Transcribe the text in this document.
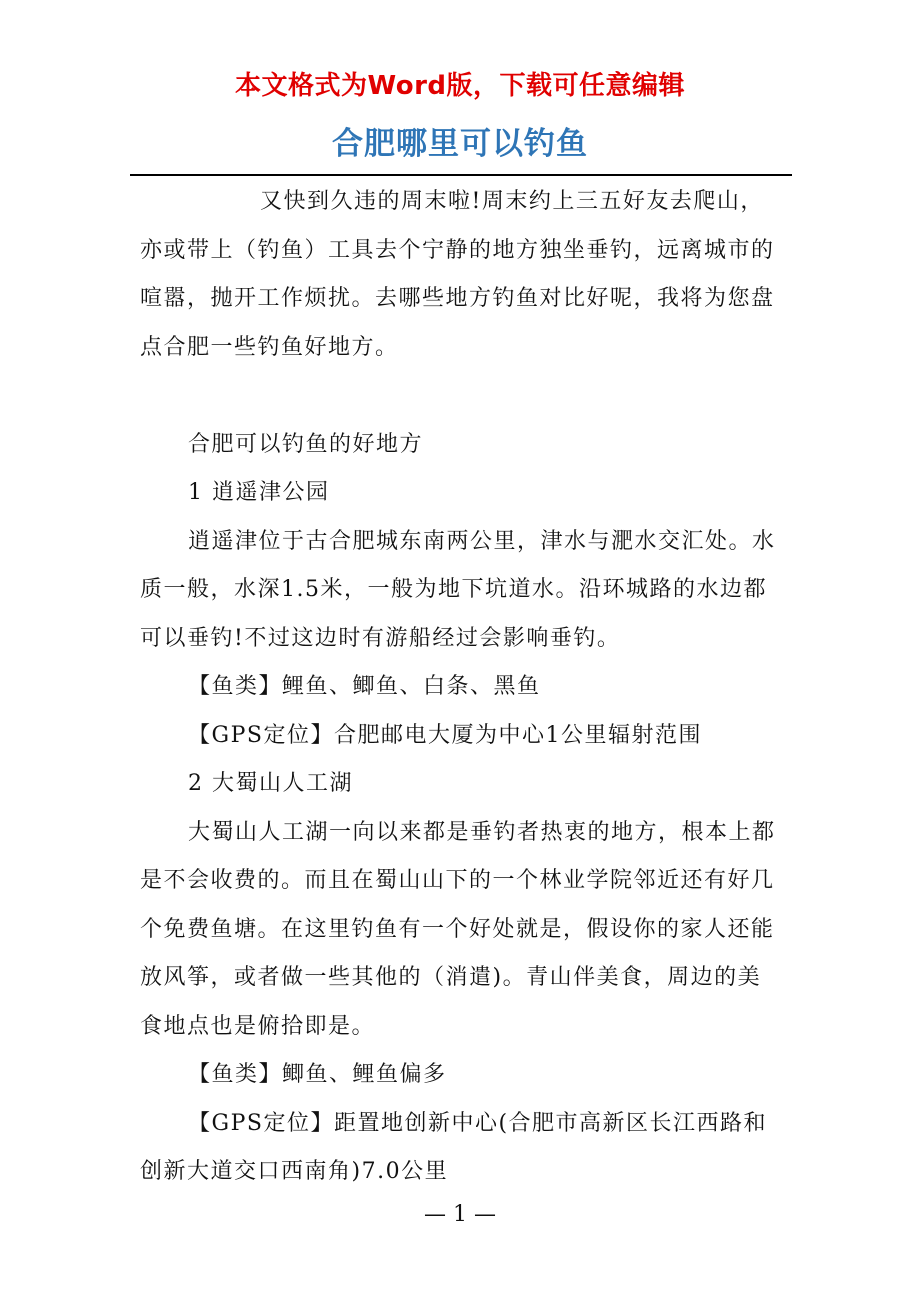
本文格式为Word版，下载可任意编辑
合肥哪里可以钓鱼

又快到久违的周末啦!周末约上三五好友去爬山，亦或带上（钓鱼）工具去个宁静的地方独坐垂钓，远离城市的喧嚣，抛开工作烦扰。去哪些地方钓鱼对比好呢，我将为您盘点合肥一些钓鱼好地方。

合肥可以钓鱼的好地方

1 逍遥津公园

逍遥津位于古合肥城东南两公里，津水与淝水交汇处。水质一般，水深1.5米，一般为地下坑道水。沿环城路的水边都可以垂钓!不过这边时有游船经过会影响垂钓。

【鱼类】鲤鱼、鲫鱼、白条、黑鱼

【GPS定位】合肥邮电大厦为中心1公里辐射范围

2 大蜀山人工湖

大蜀山人工湖一向以来都是垂钓者热衷的地方，根本上都是不会收费的。而且在蜀山山下的一个林业学院邻近还有好几个免费鱼塘。在这里钓鱼有一个好处就是，假设你的家人还能放风筝，或者做一些其他的（消遣)。青山伴美食，周边的美食地点也是俯拾即是。

【鱼类】鲫鱼、鲤鱼偏多

【GPS定位】距置地创新中心(合肥市高新区长江西路和创新大道交口西南角)7.0公里

— 1 —
